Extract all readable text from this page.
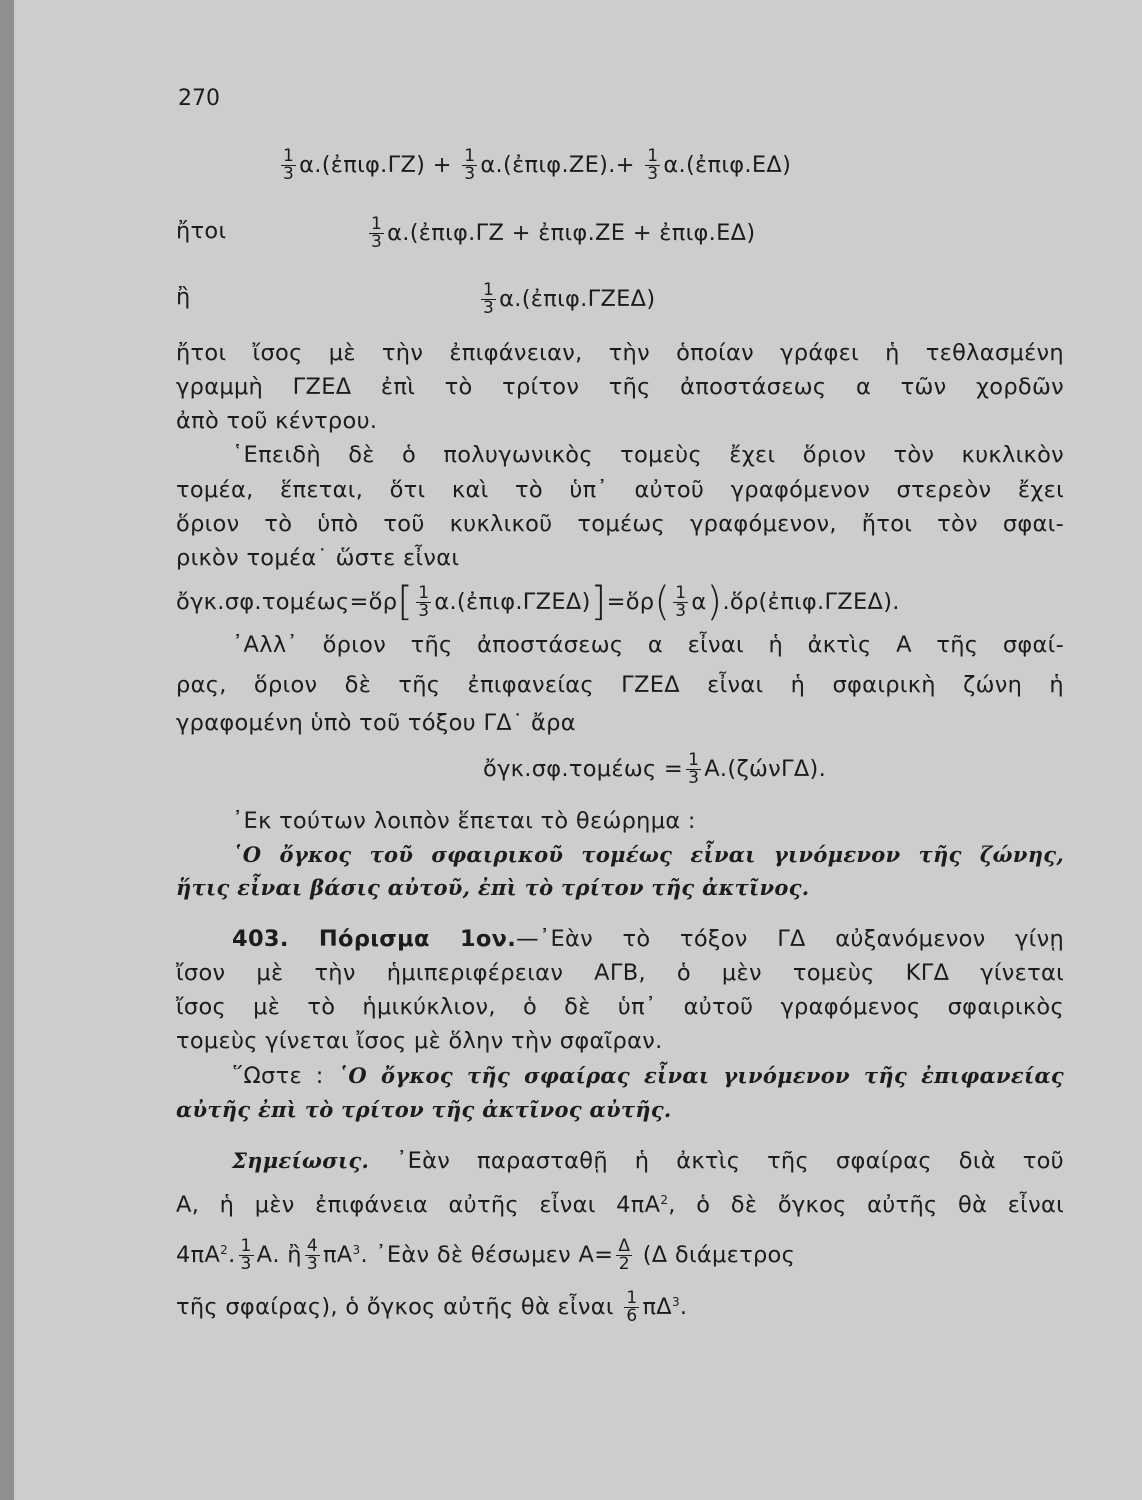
270
$\frac{1}{3}$ α.(ἐπιφ.ΓΖ) + $\frac{1}{3}$ α.(ἐπιφ.ΖΕ).+ $\frac{1}{3}$ α.(ἐπιφ.ΕΔ)
ἤτοι	$\frac{1}{3}$ α.(ἐπιφ.ΓΖ + ἐπιφ.ΖΕ + ἐπιφ.ΕΔ)
ἢ	$\frac{1}{3}$ α.(ἐπιφ.ΓΖΕΔ)
ἤτοι ἴσος μὲ τὴν ἐπιφάνειαν, τὴν ὁποίαν γράφει ἡ τεθλασμένη
γραμμὴ ΓΖΕΔ ἐπὶ τὸ τρίτον τῆς ἀποστάσεως α τῶν χορδῶν
ἀπὸ τοῦ κέντρου.
῾Επειδὴ δὲ ὁ πολυγωνικὸς τομεὺς ἔχει ὅριον τὸν κυκλικὸν
τομέα, ἕπεται, ὅτι καὶ τὸ ὑπ᾽ αὐτοῦ γραφόμενον στερεὸν ἔχει
ὅριον τὸ ὑπὸ τοῦ κυκλικοῦ τομέως γραφόμενον, ἤτοι τὸν σφαι-
ρικὸν τομέα˙ ὥστε εἶναι
ὄγκ.σφ.τομέως=ὅρ[ $\frac{1}{3}$ α.(ἐπιφ.ΓΖΕΔ)]=ὅρ( $\frac{1}{3}$ α).ὅρ(ἐπιφ.ΓΖΕΔ).
᾽Αλλ᾽ ὅριον τῆς ἀποστάσεως α εἶναι ἡ ἀκτὶς Α τῆς σφαί-
ρας, ὅριον δὲ τῆς ἐπιφανείας ΓΖΕΔ εἶναι ἡ σφαιρικὴ ζώνη ἡ
γραφομένη ὑπὸ τοῦ τόξου ΓΔ˙ ἄρα
ὄγκ.σφ.τομέως = $\frac{1}{3} A.(\zeta ώ\nu\Gamma\Delta)$.
᾽Εκ τούτων λοιπὸν ἕπεται τὸ θεώρημα :
῾Ο ὄγκος τοῦ σφαιρικοῦ τομέως εἶναι γινόμενον τῆς ζώνης,
ἥτις εἶναι βάσις αὐτοῦ, ἐπὶ τὸ τρίτον τῆς ἀκτῖνος.
403. Πόρισμα 1ον.—᾽Εὰν τὸ τόξον ΓΔ αὐξανόμενον γίνῃ
ἴσον μὲ τὴν ἡμιπεριφέρειαν ΑΓΒ, ὁ μὲν τομεὺς ΚΓΔ γίνεται
ἴσος μὲ τὸ ἡμικύκλιον, ὁ δὲ ὑπ᾽ αὐτοῦ γραφόμενος σφαιρικὸς
τομεὺς γίνεται ἴσος μὲ ὅλην τὴν σφαῖραν.
῞Ωστε : ῾Ο ὄγκος τῆς σφαίρας εἶναι γινόμενον τῆς ἐπιφανείας
αὐτῆς ἐπὶ τὸ τρίτον τῆς ἀκτῖνος αὐτῆς.
Σημείωσις. ᾽Εὰν παρασταθῇ ἡ ἀκτὶς τῆς σφαίρας διὰ τοῦ
Α, ἡ μὲν ἐπιφάνεια αὐτῆς εἶναι $4\pi A^2$, ὁ δὲ ὄγκος αὐτῆς θὰ εἶναι
$4\pi A^2$. $\frac{1}{3} A$. ἢ $\frac{4}{3} \pi A^3$. ᾽Εὰν δὲ θέσωμεν $A= \frac{\Delta}{2} (\Delta$ διάμετρος
τῆς σφαίρας), ὁ ὄγκος αὐτῆς θὰ εἶναι $\frac{1}{6} \pi\Delta^3$.
